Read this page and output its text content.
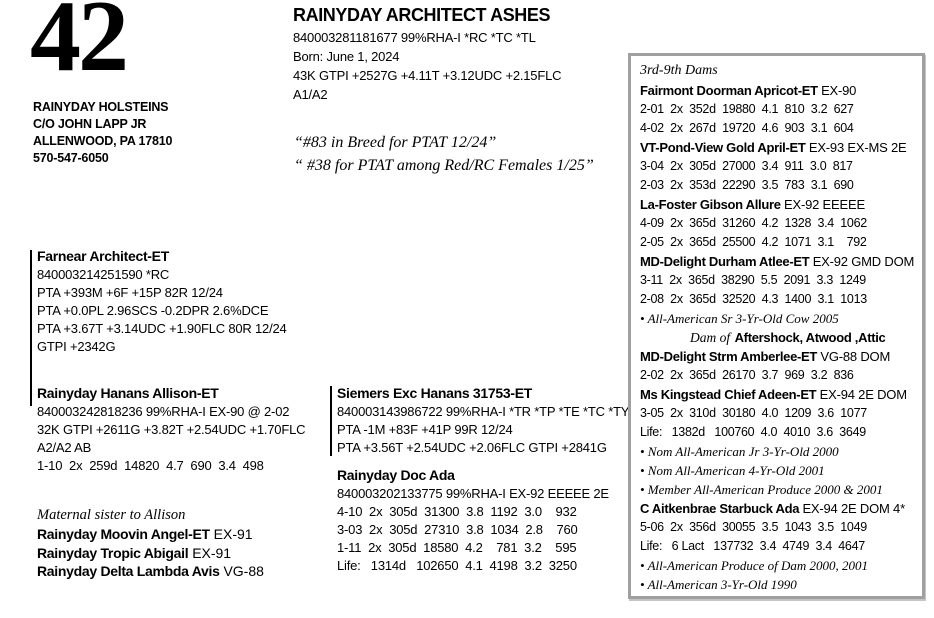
42
RAINYDAY HOLSTEINS
C/O JOHN LAPP JR
ALLENWOOD, PA 17810
570-547-6050
RAINYDAY ARCHITECT ASHES
840003281181677 99%RHA-I *RC *TC *TL
Born: June 1, 2024
43K GTPI +2527G +4.11T +3.12UDC +2.15FLC
A1/A2
“#83 in Breed for PTAT 12/24”
“ #38 for PTAT among Red/RC Females 1/25”
Farnear Architect-ET
840003214251590 *RC
PTA +393M +6F +15P 82R 12/24
PTA +0.0PL 2.96SCS -0.2DPR 2.6%DCE
PTA +3.67T +3.14UDC +1.90FLC 80R 12/24
GTPI +2342G
Rainyday Hanans Allison-ET
840003242818236 99%RHA-I EX-90 @ 2-02
32K GTPI +2611G +3.82T +2.54UDC +1.70FLC
A2/A2 AB
1-10  2x  259d  14820  4.7  690  3.4  498
Maternal sister to Allison
Rainyday Moovin Angel-ET EX-91
Rainyday Tropic Abigail EX-91
Rainyday Delta Lambda Avis VG-88
Siemers Exc Hanans 31753-ET
840003143986722 99%RHA-I *TR *TP *TE *TC *TY
PTA -1M +83F +41P 99R 12/24
PTA +3.56T +2.54UDC +2.06FLC GTPI +2841G
Rainyday Doc Ada
840003202133775 99%RHA-I EX-92 EEEEE 2E
4-10  2x  305d  31300  3.8  1192  3.0    932
3-03  2x  305d  27310  3.8  1034  2.8    760
1-11  2x  305d  18580  4.2    781  3.2    595
Life:   1314d   102650  4.1  4198  3.2  3250
3rd-9th Dams
Fairmont Doorman Apricot-ET EX-90
2-01  2x  352d  19880  4.1  810  3.2  627
4-02  2x  267d  19720  4.6  903  3.1  604
VT-Pond-View Gold April-ET EX-93 EX-MS 2E
3-04  2x  305d  27000  3.4  911  3.0  817
2-03  2x  353d  22290  3.5  783  3.1  690
La-Foster Gibson Allure EX-92 EEEEE
4-09  2x  365d  31260  4.2  1328  3.4  1062
2-05  2x  365d  25500  4.2  1071  3.1    792
MD-Delight Durham Atlee-ET EX-92 GMD DOM
3-11  2x  365d  38290  5.5  2091  3.3  1249
2-08  2x  365d  32520  4.3  1400  3.1  1013
• All-American Sr 3-Yr-Old Cow 2005
Dam of Aftershock, Atwood ,Attic
MD-Delight Strm Amberlee-ET VG-88 DOM
2-02  2x  365d  26170  3.7  969  3.2  836
Ms Kingstead Chief Adeen-ET EX-94 2E DOM
3-05  2x  310d  30180  4.0  1209  3.6  1077
Life:   1382d   100760  4.0  4010  3.6  3649
• Nom All-American Jr 3-Yr-Old 2000
• Nom All-American 4-Yr-Old 2001
• Member All-American Produce 2000 & 2001
C Aitkenbrae Starbuck Ada EX-94 2E DOM 4*
5-06  2x  356d  30055  3.5  1043  3.5  1049
Life:   6 Lact   137732  3.4  4749  3.4  4647
• All-American Produce of Dam 2000, 2001
• All-American 3-Yr-Old 1990
